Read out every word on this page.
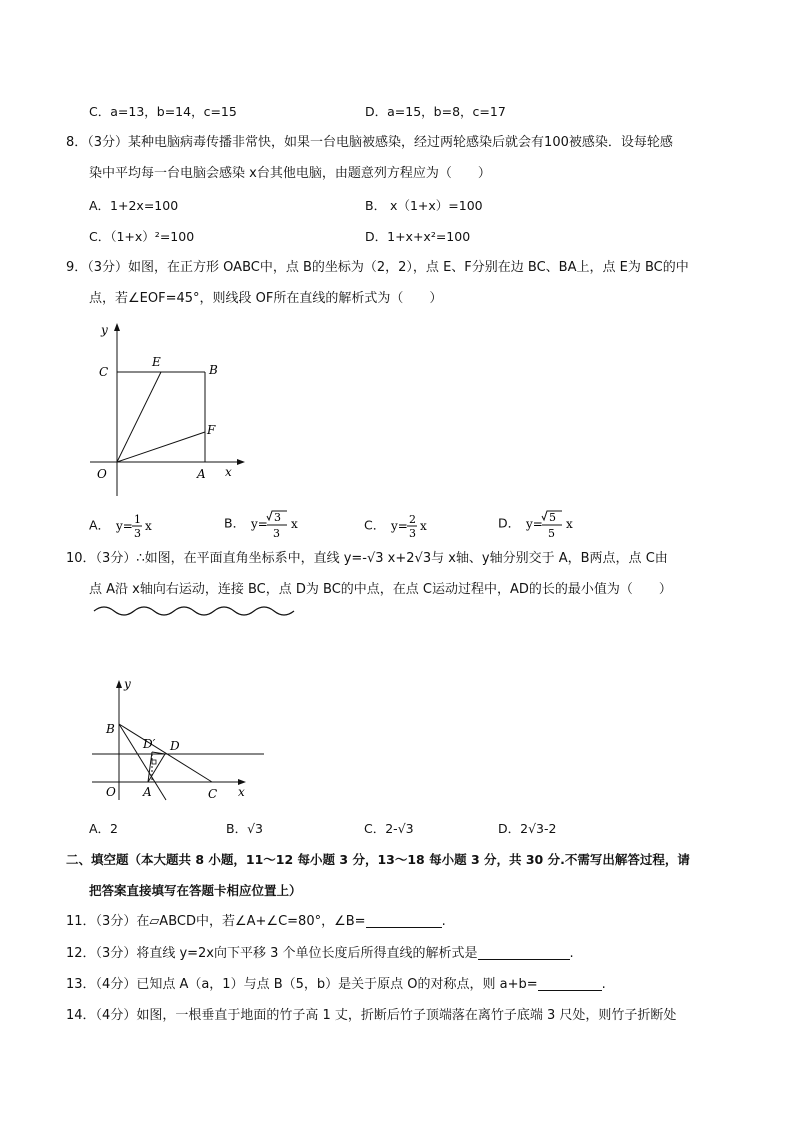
C．a=13，b=14，c=15	D．a=15，b=8，c=17
8．（3分）某种电脑病毒传播非常快，如果一台电脑被感染，经过两轮感染后就会有100被感染．设每轮感
染中平均每一台电脑会感染 x台其他电脑，由题意列方程应为（　　）
A．1+2x=100	B． x（1+x）=100
C．（1+x）²=100	D．1+x+x²=100
9．（3分）如图，在正方形 OABC中，点 B的坐标为（2，2），点 E、F分别在边 BC、BA上，点 E为 BC的中
点，若∠EOF=45°，则线段 OF所在直线的解析式为（　　）
y
x
C	B
E
F
O	A
A． y= 1
3
x	B． y= 3
3
x	C． y= 2
3
x	D． y= 5
5
x
10．（3分）∴如图，在平面直角坐标系中，直线 y=-√3 x+2√3与 x轴、y轴分别交于 A，B两点，点 C由
点 A沿 x轴向右运动，连接 BC，点 D为 BC的中点，在点 C运动过程中，AD的长的最小值为（　　）
y
x
B
D′ D
O A	C
A．2	B．√3	C．2-√3	D．2√3-2
二、填空题（本大题共 8 小题，11～12 每小题 3 分，13～18 每小题 3 分，共 30 分.不需写出解答过程，请
把答案直接填写在答题卡相应位置上）
11．（3分）在▱ABCD中，若∠A+∠C=80°，∠B=	.
12．（3分）将直线 y=2x向下平移 3 个单位长度后所得直线的解析式是	.
13．（4分）已知点 A（a，1）与点 B（5，b）是关于原点 O的对称点，则 a+b=	.
14．（4分）如图，一根垂直于地面的竹子高 1 丈，折断后竹子顶端落在离竹子底端 3 尺处，则竹子折断处
